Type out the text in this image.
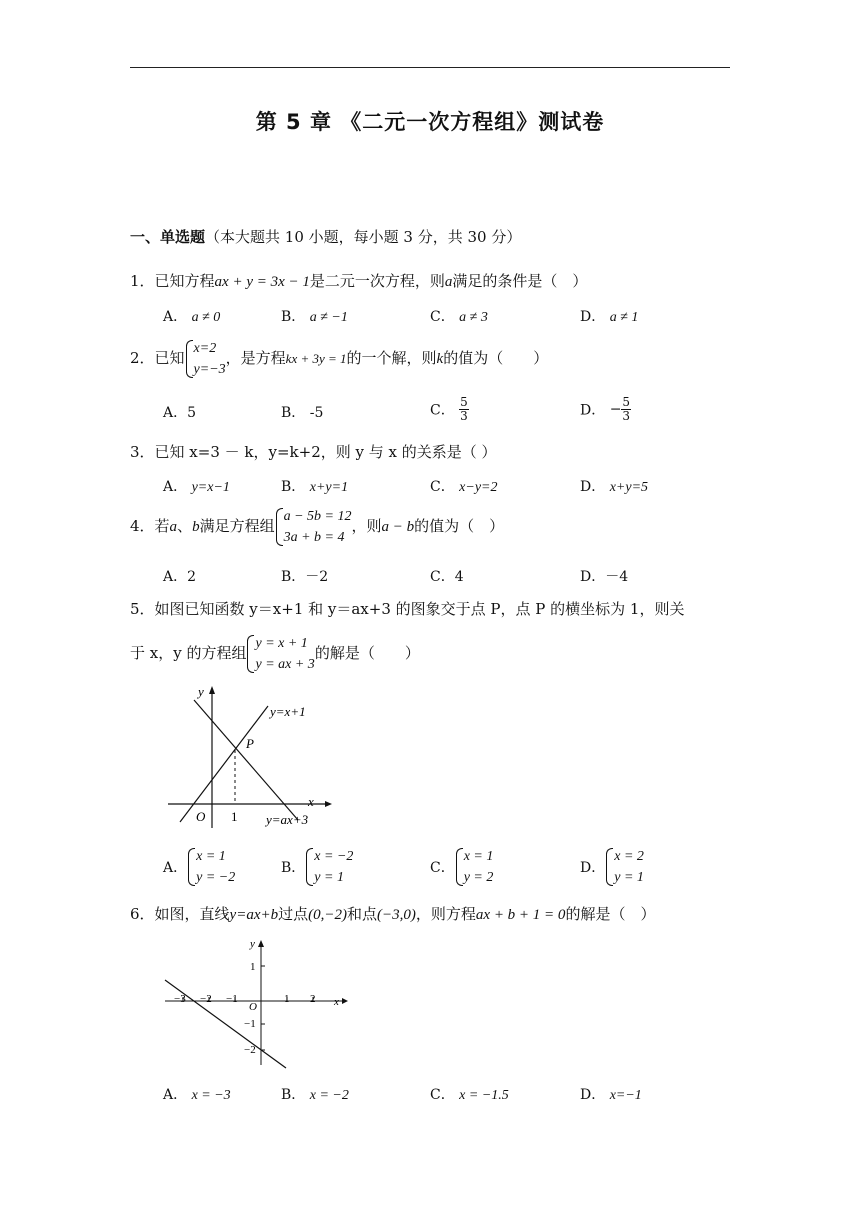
第 5 章 《二元一次方程组》测试卷
一、单选题（本大题共 10 小题，每小题 3 分，共 30 分）
1．已知方程ax + y = 3x − 1是二元一次方程，则a满足的条件是（　）
A． a ≠ 0	B． a ≠ −1	C． a ≠ 3	D． a ≠ 1
2．已知
x=2
y=−3
，是方程kx + 3y = 1的一个解，则k的值为（　　）
A．5	B． -5	C． $\frac{5}{3}$	D． − $\frac{5}{3}$
3．已知 x=3 － k，y=k+2，则 y 与 x 的关系是（ ）
A． y=x−1	B． x+y=1	C． x−y=2	D． x+y=5
4．若a、b满足方程组
a − 5b = 12
3a + b = 4
，则a − b的值为（　）
A．2	B．－2	C．4	D．－4
5．如图已知函数 y＝x+1 和 y＝ax+3 的图象交于点 P，点 P 的横坐标为 1，则关
于 x，y 的方程组
y = x + 1
y = ax + 3
的解是（　　）
y
x
O 1
P
y=x+1
y=ax+3
A．
x = 1
y = −2
B．
x = −2
y = 1
C．
x = 1
y = 2
D．
x = 2
y = 1
6．如图，直线y=ax+b过点(0,−2)和点(−3,0)，则方程ax + b + 1 = 0的解是（　）
y
x
O
−3 −2 −1	1 2
1
−1
−2
A． x = −3	B． x = −2	C． x = −1.5	D． x=−1
